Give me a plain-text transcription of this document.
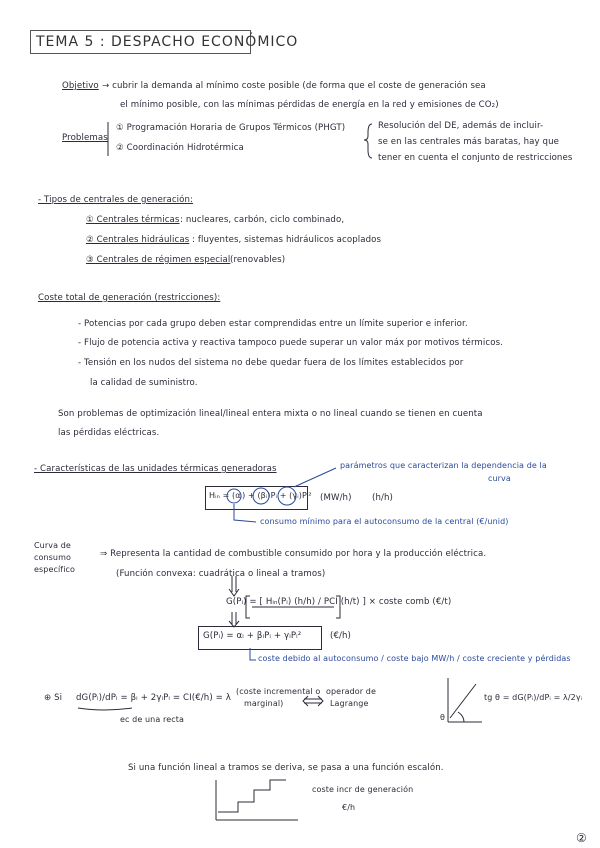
TEMA 5 : DESPACHO ECONÓMICO
Objetivo → cubrir la demanda al mínimo coste posible (de forma que el coste de generación sea
el mínimo posible, con las mínimas pérdidas de energía en la red y emisiones de CO₂)
Problemas
① Programación Horaria de Grupos Térmicos (PHGT)
② Coordinación Hidrotérmica
Resolución del DE, además de incluir-
se en las centrales más baratas, hay que
tener en cuenta el conjunto de restricciones
- Tipos de centrales de generación:
① Centrales térmicas : nucleares, carbón, ciclo combinado,
② Centrales hidráulicas : fluyentes, sistemas hidráulicos acoplados
③ Centrales de régimen especial (renovables)
Coste total de generación (restricciones):
- Potencias por cada grupo deben estar comprendidas entre un límite superior e inferior.
- Flujo de potencia activa y reactiva tampoco puede superar un valor máx por motivos térmicos.
- Tensión en los nudos del sistema no debe quedar fuera de los límites establecidos por
la calidad de suministro.
Son problemas de optimización lineal/lineal entera mixta o no lineal cuando se tienen en cuenta
las pérdidas eléctricas.
- Características de las unidades térmicas generadoras	parámetros que caracterizan la dependencia de la
curva
Hᵢₙ = (αᵢ) + (βᵢ)Pᵢ + (γᵢ)Pᵢ² (MW/h) (h/h)
consumo mínimo para el autoconsumo de la central (€/unid)
Curva de consumo específico
⇒ Representa la cantidad de combustible consumido por hora y la producción eléctrica.
(Función convexa: cuadrática o lineal a tramos)
G(Pᵢ) = [ Hᵢₙ(Pᵢ) (h/h) / PCI (h/t) ] × coste comb (€/t)
G(Pᵢ) = αᵢ + βᵢPᵢ + γᵢPᵢ²	(€/h)
coste debido al autoconsumo / coste bajo MW/h / coste creciente y pérdidas
⊕ Si dG(Pᵢ)/dPᵢ = βᵢ + 2γᵢPᵢ = CI(€/h) = λ
(coste incremental o
marginal)
operador de
Lagrange
ec de una recta
tg θ = dG(Pᵢ)/dPᵢ = λ/2γᵢ
θ
Si una función lineal a tramos se deriva, se pasa a una función escalón.
coste incr de generación
€/h
②
